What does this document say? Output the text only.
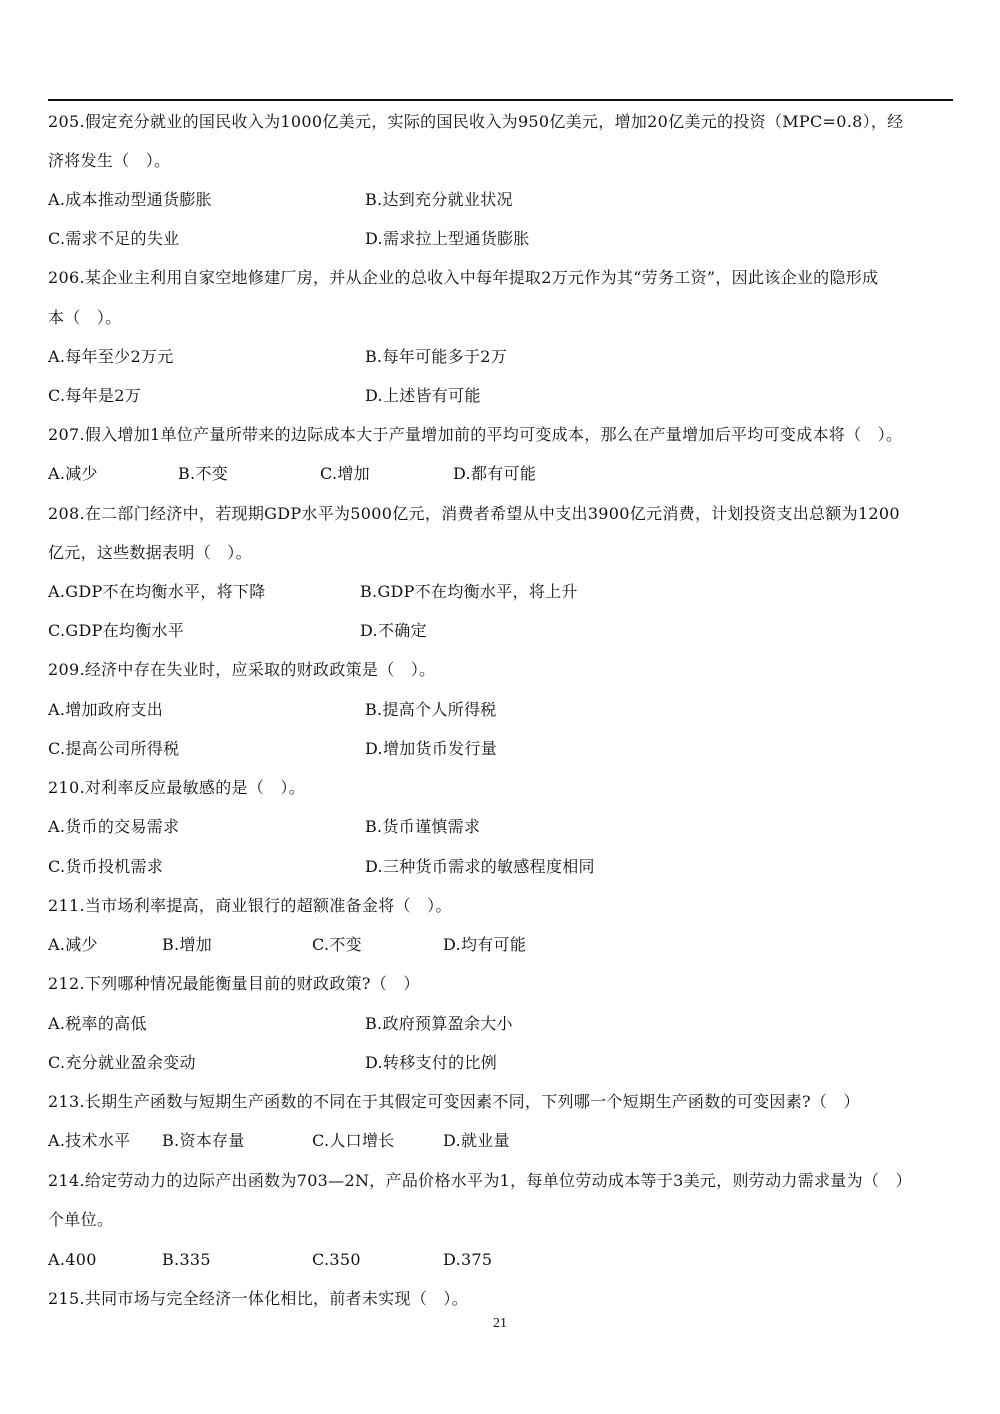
205.假定充分就业的国民收入为1000亿美元，实际的国民收入为950亿美元，增加20亿美元的投资（MPC=0.8），经
济将发生（　）。
A.成本推动型通货膨胀	B.达到充分就业状况
C.需求不足的失业	D.需求拉上型通货膨胀
206.某企业主利用自家空地修建厂房，并从企业的总收入中每年提取2万元作为其“劳务工资”，因此该企业的隐形成
本（　）。
A.每年至少2万元	B.每年可能多于2万
C.每年是2万	D.上述皆有可能
207.假入增加1单位产量所带来的边际成本大于产量增加前的平均可变成本，那么在产量增加后平均可变成本将（　）。
A.减少	B.不变	C.增加	D.都有可能
208.在二部门经济中，若现期GDP水平为5000亿元，消费者希望从中支出3900亿元消费，计划投资支出总额为1200
亿元，这些数据表明（　）。
A.GDP不在均衡水平，将下降	B.GDP不在均衡水平，将上升
C.GDP在均衡水平	D.不确定
209.经济中存在失业时，应采取的财政政策是（　）。
A.增加政府支出	B.提高个人所得税
C.提高公司所得税	D.增加货币发行量
210.对利率反应最敏感的是（　）。
A.货币的交易需求	B.货币谨慎需求
C.货币投机需求	D.三种货币需求的敏感程度相同
211.当市场利率提高，商业银行的超额准备金将（　）。
A.减少	B.增加	C.不变	D.均有可能
212.下列哪种情况最能衡量目前的财政政策?（　）
A.税率的高低	B.政府预算盈余大小
C.充分就业盈余变动	D.转移支付的比例
213.长期生产函数与短期生产函数的不同在于其假定可变因素不同，下列哪一个短期生产函数的可变因素?（　）
A.技术水平 B.资本存量	C.人口增长	D.就业量
214.给定劳动力的边际产出函数为703—2N，产品价格水平为1，每单位劳动成本等于3美元，则劳动力需求量为（　）
个单位。
A.400	B.335	C.350	D.375
215.共同市场与完全经济一体化相比，前者未实现（　）。
21
